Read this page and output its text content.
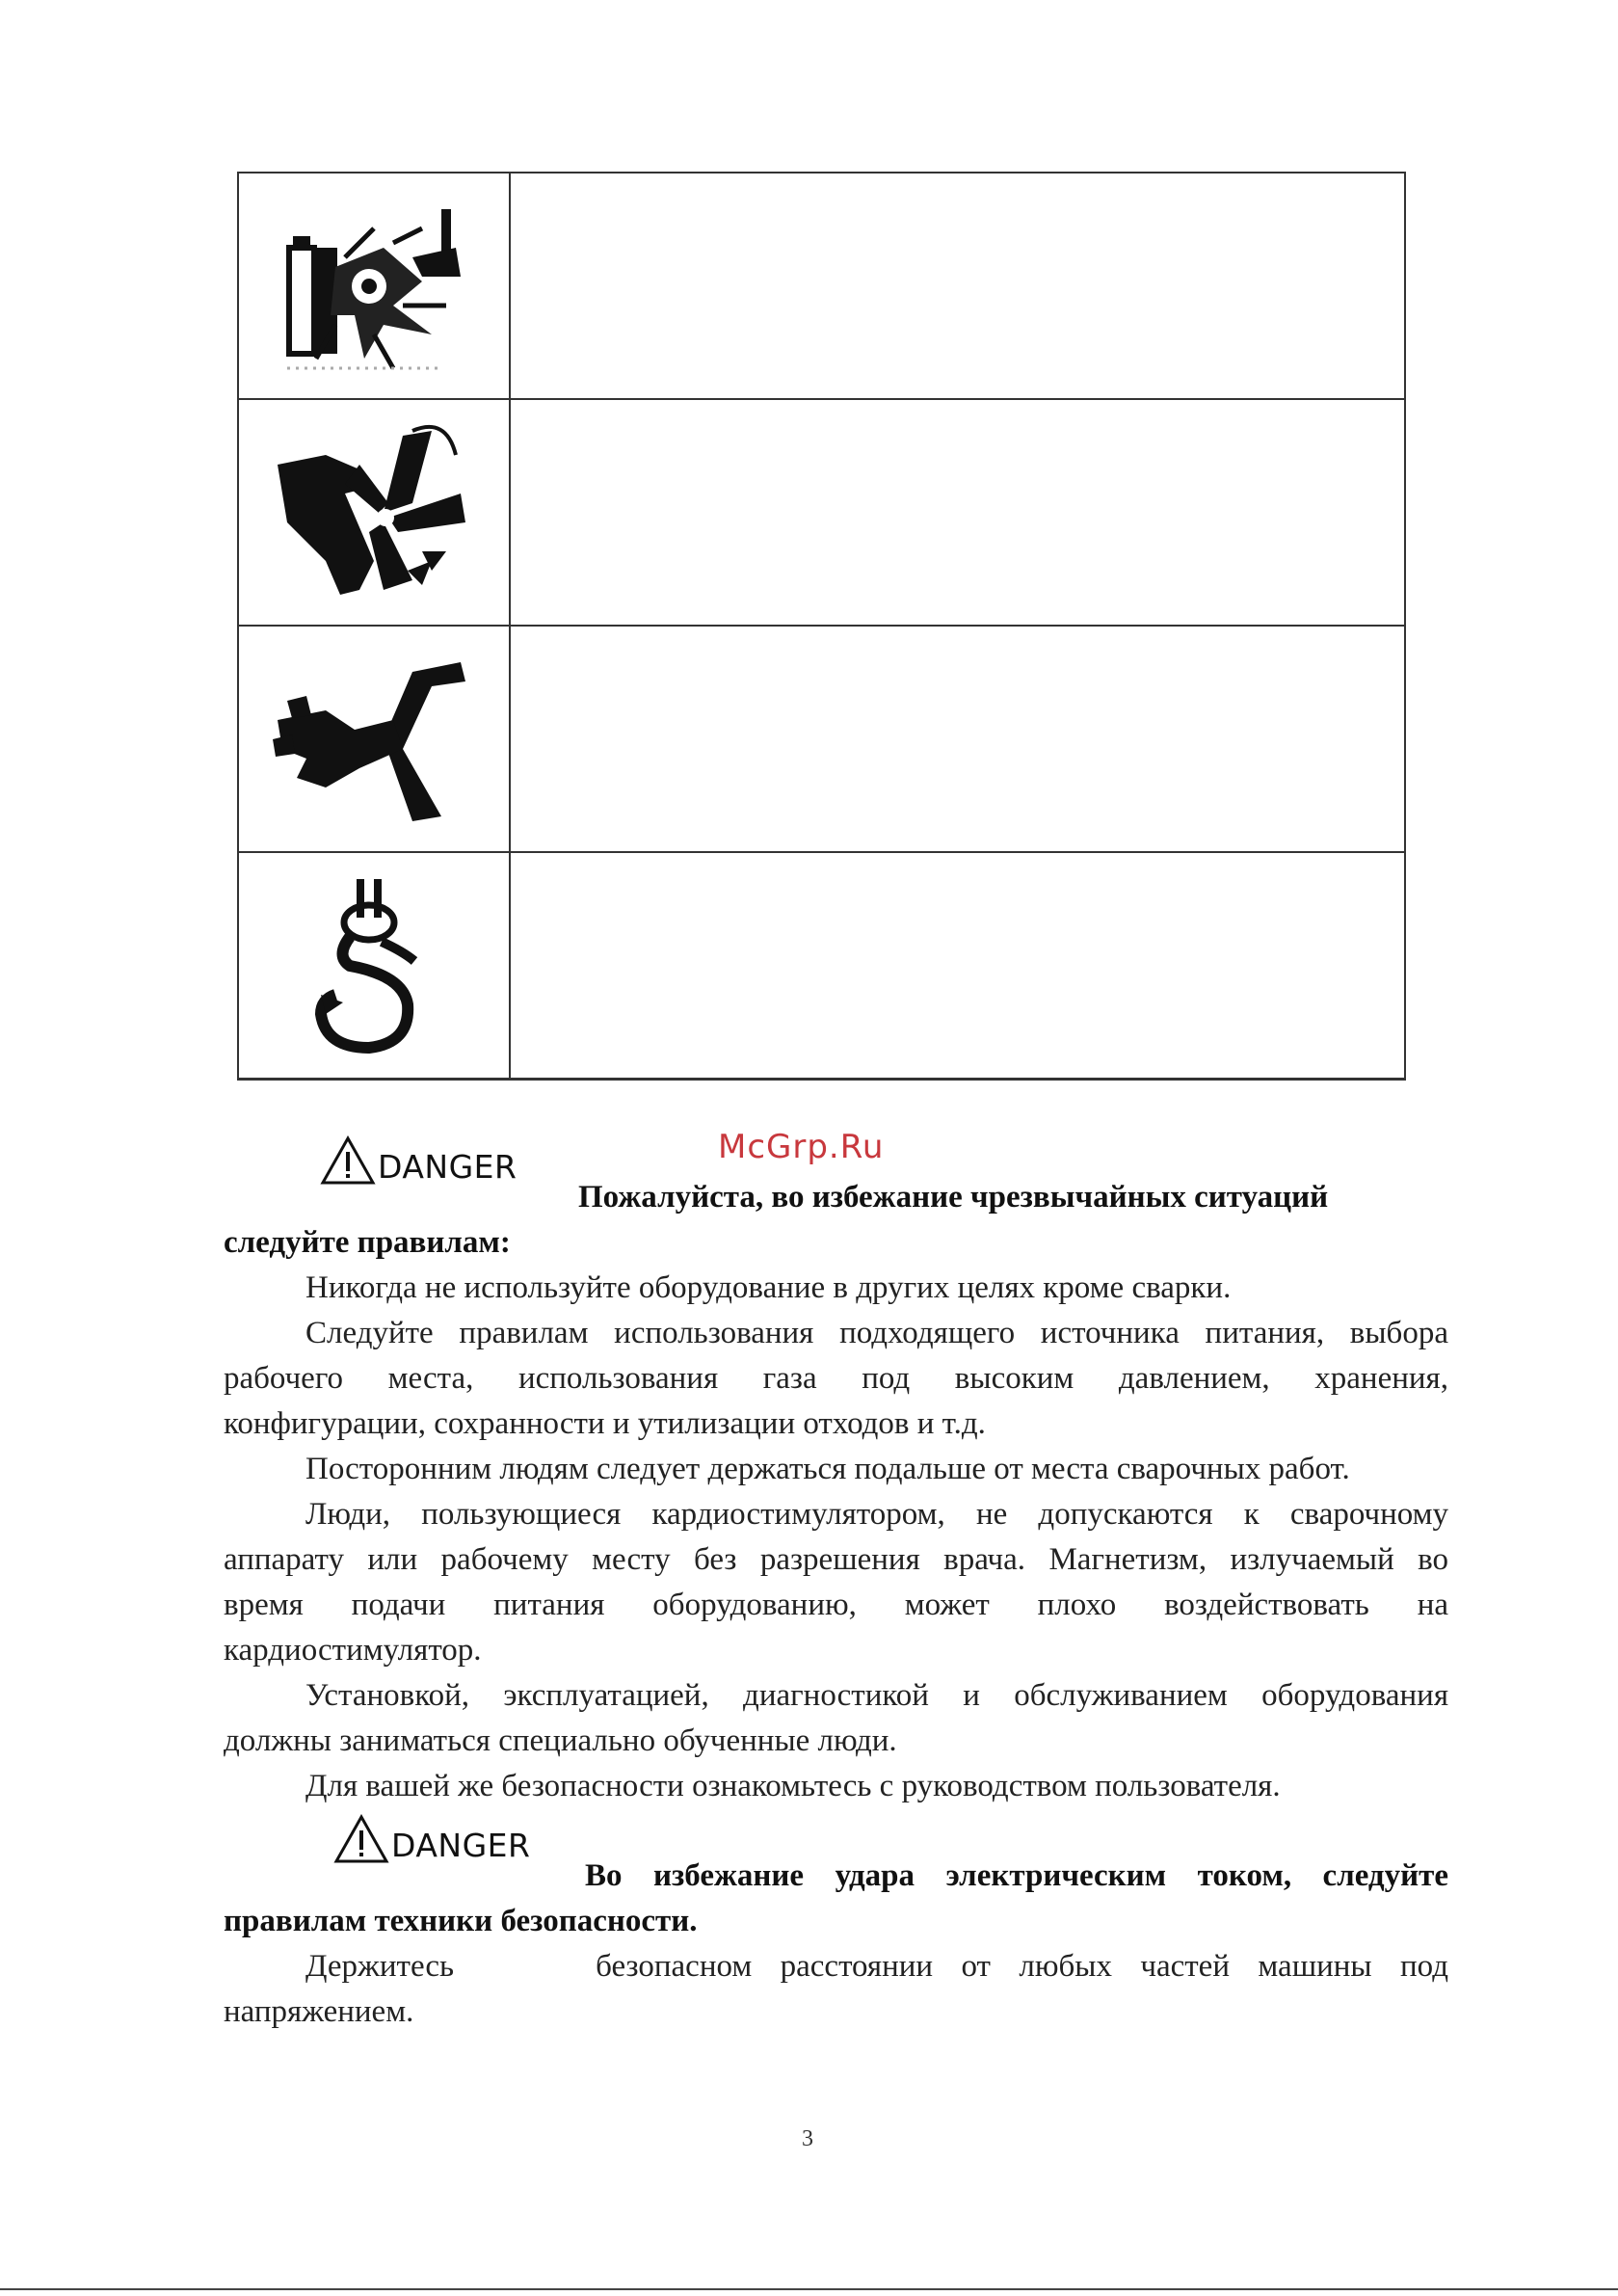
McGrp.Ru
DANGER
Пожалуйста, во избежание чрезвычайных ситуаций
следуйте правилам:
Никогда не используйте оборудование в других целях кроме сварки.
Следуйте правилам использования подходящего источника питания, выбора
рабочего места, использования газа под высоким давлением, хранения,
конфигурации, сохранности и утилизации отходов и т.д.
Посторонним людям следует держаться подальше от места сварочных работ.
Люди, пользующиеся кардиостимулятором, не допускаются к сварочному
аппарату или рабочему месту без разрешения врача. Магнетизм, излучаемый во
время подачи питания оборудованию, может плохо воздействовать на
кардиостимулятор.
Установкой, эксплуатацией, диагностикой и обслуживанием оборудования
должны заниматься специально обученные люди.
Для вашей же безопасности ознакомьтесь с руководством пользователя.
DANGER
Во избежание удара электрическим током, следуйте
правилам техники безопасности.
Держитесь     безопасном расстоянии от любых частей машины под
напряжением.
3
